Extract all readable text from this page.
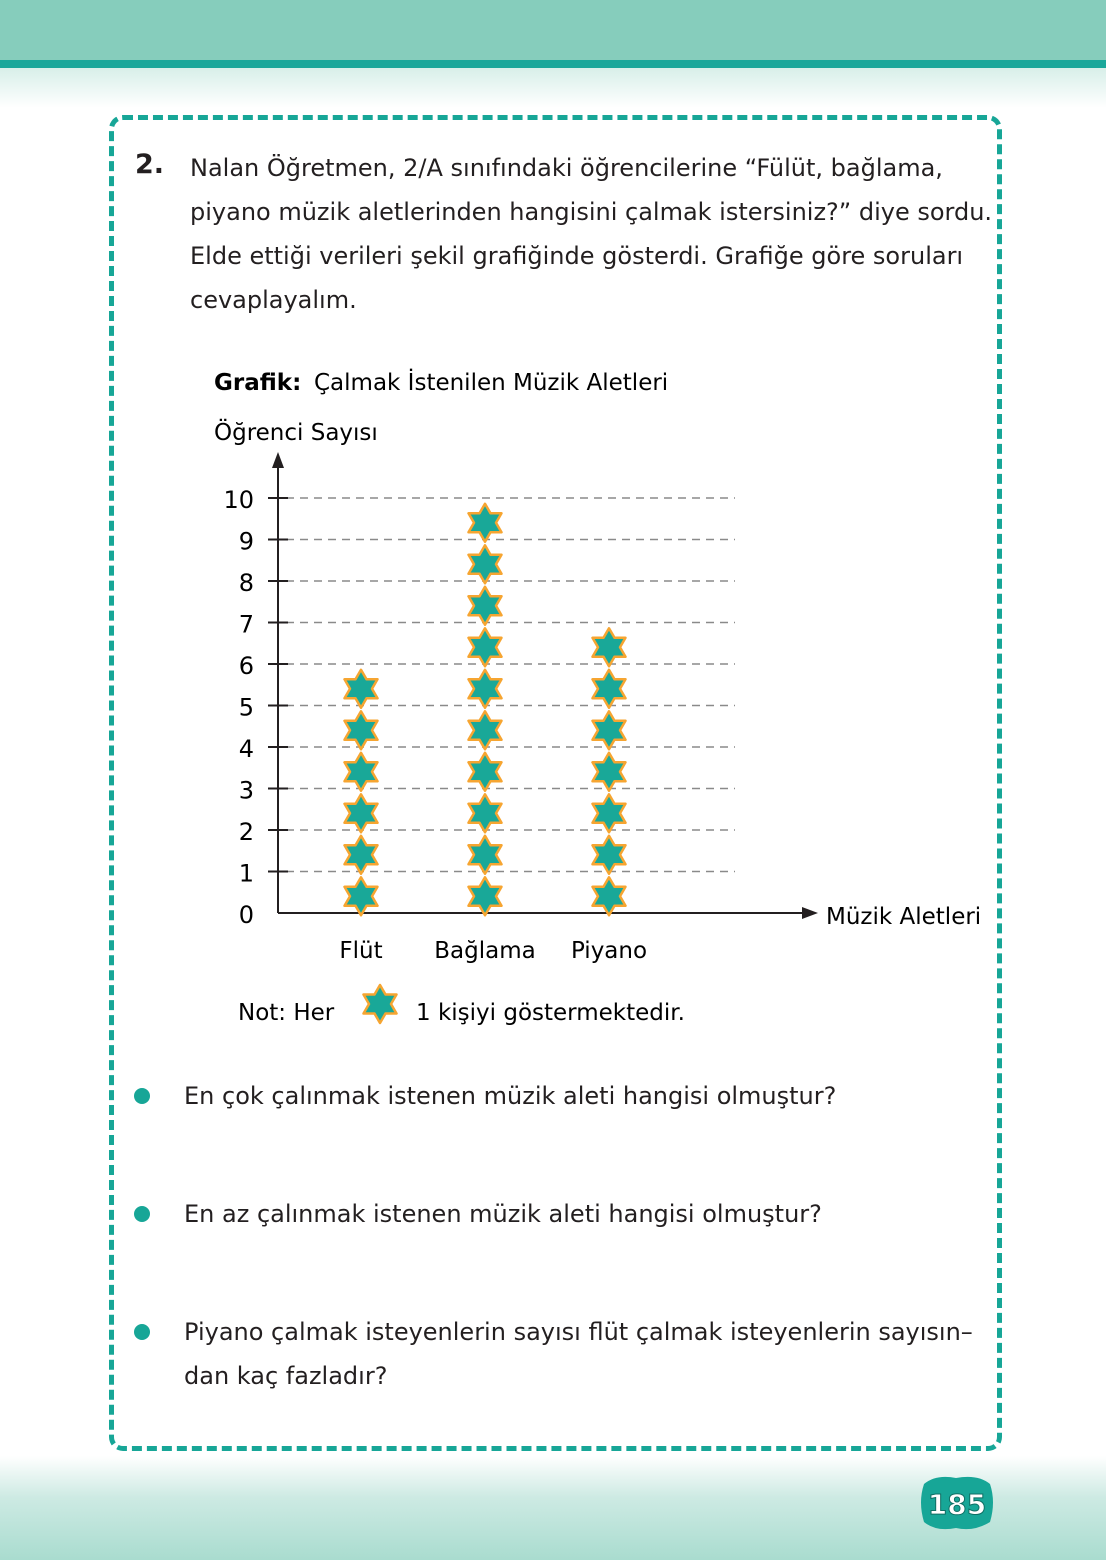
2. Nalan Öğretmen, 2/A sınıfındaki öğrencilerine “Fülüt, bağlama,
piyano müzik aletlerinden hangisini çalmak istersiniz?” diye sordu.
Elde ettiği verileri şekil grafiğinde gösterdi. Grafiğe göre soruları
cevaplayalım.
Grafik: Çalmak İstenilen Müzik Aletleri
Öğrenci Sayısı
0
1
2
3
4
5
6
7
8
9
10
Müzik Aletleri
Flüt Bağlama Piyano
Not: Her	1 kişiyi göstermektedir.
En çok çalınmak istenen müzik aleti hangisi olmuştur?
En az çalınmak istenen müzik aleti hangisi olmuştur?
Piyano çalmak isteyenlerin sayısı flüt çalmak isteyenlerin sayısın–
dan kaç fazladır?
185
